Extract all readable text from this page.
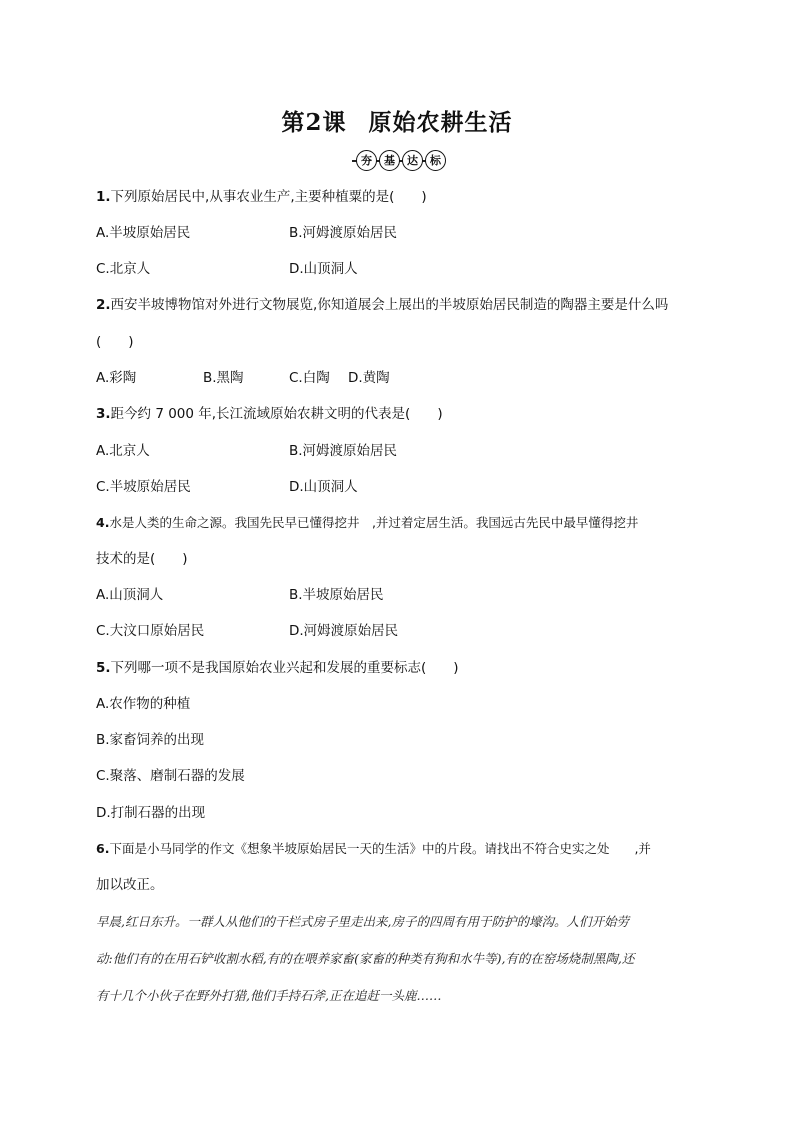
第2课 原始农耕生活
夯	基	达	标
1.下列原始居民中,从事农业生产,主要种植粟的是(　　)
A.半坡原始居民	B.河姆渡原始居民
C.北京人	D.山顶洞人
2.西安半坡博物馆对外进行文物展览,你知道展会上展出的半坡原始居民制造的陶器主要是什么吗
(　　)
A.彩陶	B.黑陶	C.白陶 D.黄陶
3.距今约 7 000 年,长江流域原始农耕文明的代表是(　　)
A.北京人	B.河姆渡原始居民
C.半坡原始居民	D.山顶洞人
4.水是人类的生命之源。我国先民早已懂得挖井　,并过着定居生活。我国远古先民中最早懂得挖井
技术的是(　　)
A.山顶洞人	B.半坡原始居民
C.大汶口原始居民	D.河姆渡原始居民
5.下列哪一项不是我国原始农业兴起和发展的重要标志(　　)
A.农作物的种植
B.家畜饲养的出现
C.聚落、磨制石器的发展
D.打制石器的出现
6.下面是小马同学的作文《想象半坡原始居民一天的生活》中的片段。请找出不符合史实之处　　,并
加以改正。
早晨,红日东升。一群人从他们的干栏式房子里走出来,房子的四周有用于防护的壕沟。人们开始劳
动:他们有的在用石铲收割水稻,有的在喂养家畜(家畜的种类有狗和水牛等),有的在窑场烧制黑陶,还
有十几个小伙子在野外打猎,他们手持石斧,正在追赶一头鹿……
